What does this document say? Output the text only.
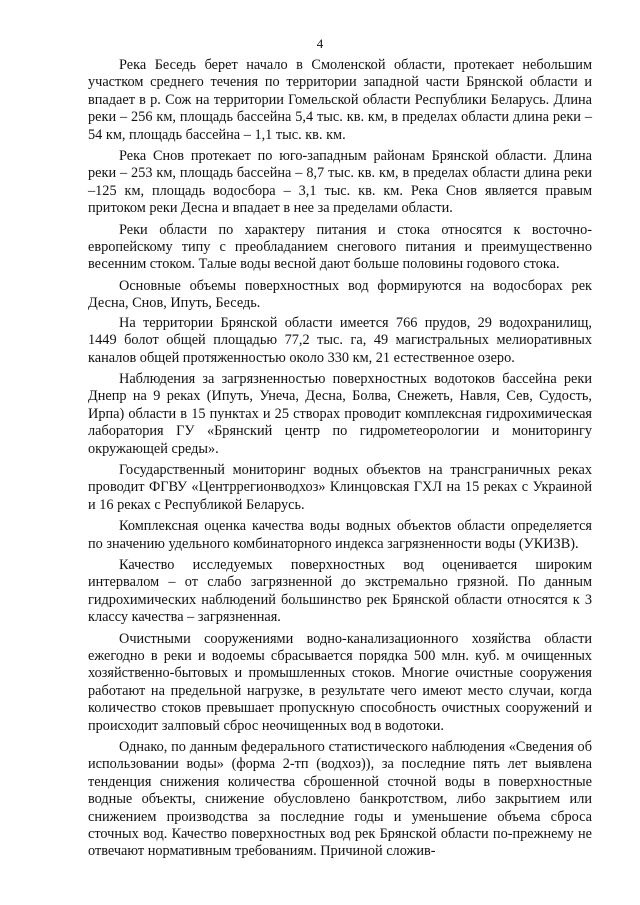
4

Река Беседь берет начало в Смоленской области, протекает небольшим участком среднего течения по территории западной части Брянской области и впадает в р. Сож на территории Гомельской области Республики Беларусь. Длина реки – 256 км, площадь бассейна 5,4 тыс. кв. км, в пределах области длина реки – 54 км, площадь бассейна – 1,1 тыс. кв. км.

Река Снов протекает по юго-западным районам Брянской области. Длина реки – 253 км, площадь бассейна – 8,7 тыс. кв. км, в пределах области длина реки –125 км, площадь водосбора – 3,1 тыс. кв. км. Река Снов является правым притоком реки Десна и впадает в нее за пределами области.

Реки области по характеру питания и стока относятся к восточно-европейскому типу с преобладанием снегового питания и преимущественно весенним стоком. Талые воды весной дают больше половины годового стока.

Основные объемы поверхностных вод формируются на водосборах рек Десна, Снов, Ипуть, Беседь.

На территории Брянской области имеется 766 прудов, 29 водохранилищ, 1449 болот общей площадью 77,2 тыс. га, 49 магистральных мелиоративных каналов общей протяженностью около 330 км, 21 естественное озеро.

Наблюдения за загрязненностью поверхностных водотоков бассейна реки Днепр на 9 реках (Ипуть, Унеча, Десна, Болва, Снежеть, Навля, Сев, Судость, Ирпа) области в 15 пунктах и 25 створах проводит комплексная гидрохимическая лаборатория ГУ «Брянский центр по гидрометеорологии и мониторингу окружающей среды».

Государственный мониторинг водных объектов на трансграничных реках проводит ФГВУ «Центррегионводхоз» Клинцовская ГХЛ на 15 реках с Украиной и 16 реках с Республикой Беларусь.

Комплексная оценка качества воды водных объектов области определяется по значению удельного комбинаторного индекса загрязненности воды (УКИЗВ).

Качество исследуемых поверхностных вод оценивается широким интервалом – от слабо загрязненной до экстремально грязной. По данным гидрохимических наблюдений большинство рек Брянской области относятся к 3 классу качества – загрязненная.

Очистными сооружениями водно-канализационного хозяйства области ежегодно в реки и водоемы сбрасывается порядка 500 млн. куб. м очищенных хозяйственно-бытовых и промышленных стоков. Многие очистные сооружения работают на предельной нагрузке, в результате чего имеют место случаи, когда количество стоков превышает пропускную способность очистных сооружений и происходит залповый сброс неочищенных вод в водотоки.

Однако, по данным федерального статистического наблюдения «Сведения об использовании воды» (форма 2-тп (водхоз)), за последние пять лет выявлена тенденция снижения количества сброшенной сточной воды в поверхностные водные объекты, снижение обусловлено банкротством, либо закрытием или снижением производства за последние годы и уменьшение объема сброса сточных вод. Качество поверхностных вод рек Брянской области по-прежнему не отвечают нормативным требованиям. Причиной сложив-
